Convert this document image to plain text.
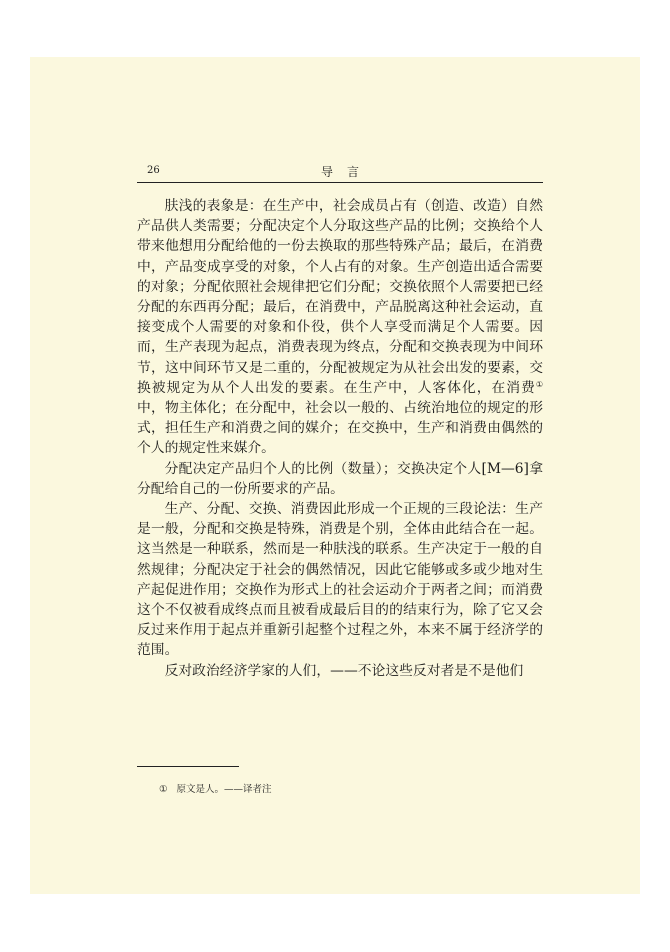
26	导言

肤浅的表象是：在生产中，社会成员占有（创造、改造）自然产品供人类需要；分配决定个人分取这些产品的比例；交换给个人带来他想用分配给他的一份去换取的那些特殊产品；最后，在消费中，产品变成享受的对象，个人占有的对象。生产创造出适合需要的对象；分配依照社会规律把它们分配；交换依照个人需要把已经分配的东西再分配；最后，在消费中，产品脱离这种社会运动，直接变成个人需要的对象和仆役，供个人享受而满足个人需要。因而，生产表现为起点，消费表现为终点，分配和交换表现为中间环节，这中间环节又是二重的，分配被规定为从社会出发的要素，交换被规定为从个人出发的要素。在生产中，人客体化，在消费①中，物主体化；在分配中，社会以一般的、占统治地位的规定的形式，担任生产和消费之间的媒介；在交换中，生产和消费由偶然的个人的规定性来媒介。

分配决定产品归个人的比例（数量）；交换决定个人[M—6]拿分配给自己的一份所要求的产品。

生产、分配、交换、消费因此形成一个正规的三段论法：生产是一般，分配和交换是特殊，消费是个别，全体由此结合在一起。这当然是一种联系，然而是一种肤浅的联系。生产决定于一般的自然规律；分配决定于社会的偶然情况，因此它能够或多或少地对生产起促进作用；交换作为形式上的社会运动介于两者之间；而消费这个不仅被看成终点而且被看成最后目的的结束行为，除了它又会反过来作用于起点并重新引起整个过程之外，本来不属于经济学的范围。

反对政治经济学家的人们，——不论这些反对者是不是他们

① 原文是人。——译者注
